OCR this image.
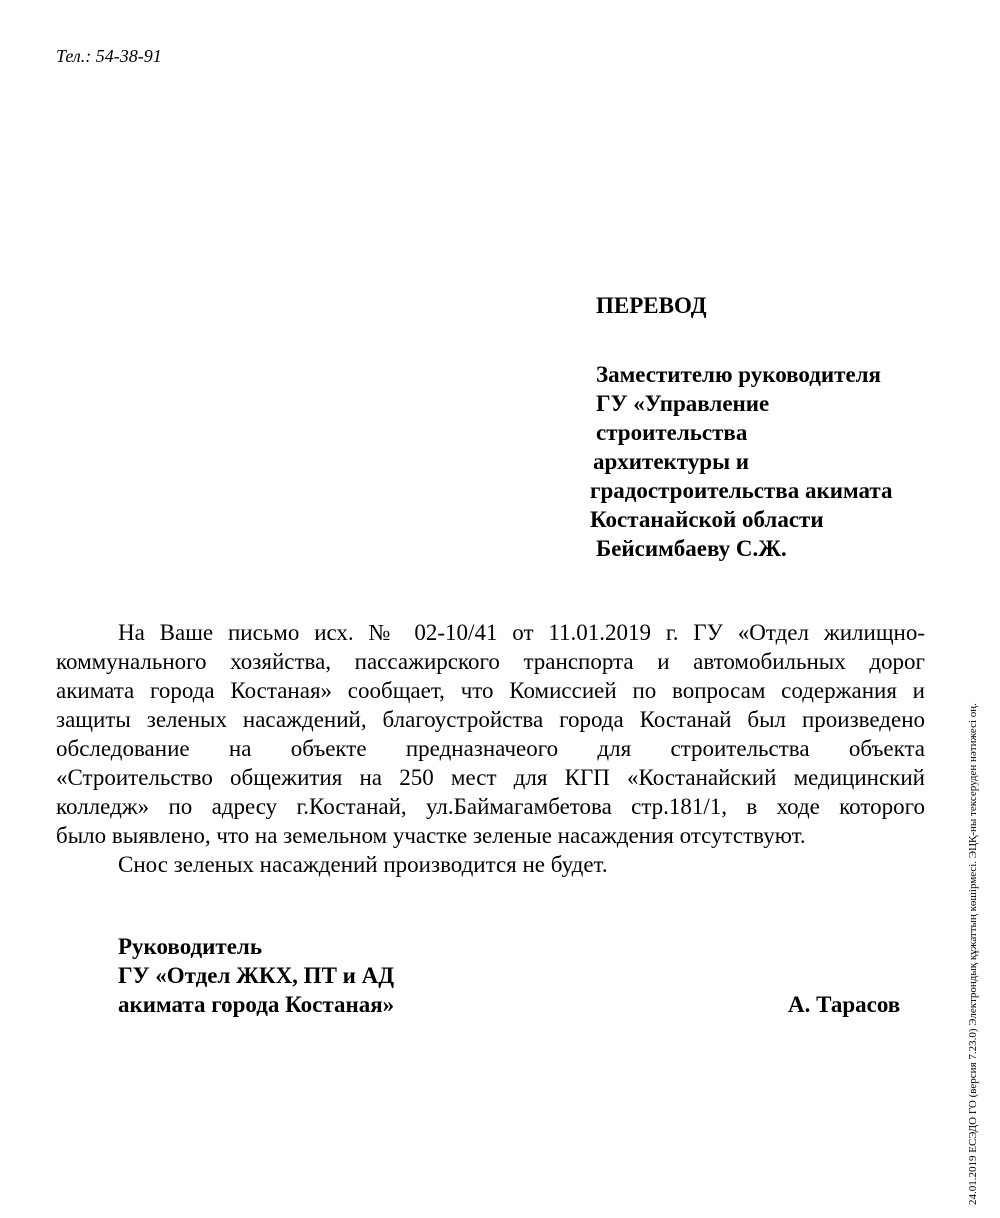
Тел.: 54-38-91
ПЕРЕВОД
Заместителю руководителя
ГУ «Управление
строительства
архитектуры и
градостроительства акимата
Костанайской области
Бейсимбаеву С.Ж.
На Ваше письмо исх. № 02-10/41 от 11.01.2019 г. ГУ «Отдел жилищно-
коммунального хозяйства, пассажирского транспорта и автомобильных дорог
акимата города Костаная» сообщает, что Комиссией по вопросам содержания и
защиты зеленых насаждений, благоустройства города Костанай был произведено
обследование на объекте предназначеого для строительства объекта
«Строительство общежития на 250 мест для КГП «Костанайский медицинский
колледж» по адресу г.Костанай, ул.Баймагамбетова стр.181/1, в ходе которого
было выявлено, что на земельном участке зеленые насаждения отсутствуют.
Снос зеленых насаждений производится не будет.
Руководитель
ГУ «Отдел ЖКХ, ПТ и АД
акимата города Костаная»	А. Тарасов	24.01.2019 ЕСЭДО ГО (версия 7.23.0) Электрондық құжаттың көшірмесі. ЭЦҚ-ны тексеруден нәтижесі оң.
